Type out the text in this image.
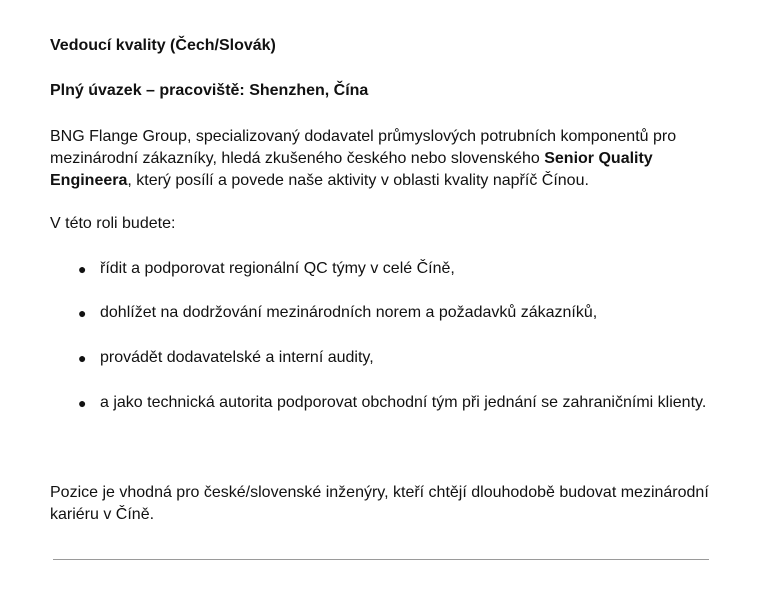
Vedoucí kvality (Čech/Slovák)
Plný úvazek – pracoviště: Shenzhen, Čína

BNG Flange Group, specializovaný dodavatel průmyslových potrubních komponentů pro mezinárodní zákazníky, hledá zkušeného českého nebo slovenského Senior Quality Engineera, který posílí a povede naše aktivity v oblasti kvality napříč Čínou.

V této roli budete:

● řídit a podporovat regionální QC týmy v celé Číně,
● dohlížet na dodržování mezinárodních norem a požadavků zákazníků,
● provádět dodavatelské a interní audity,
● a jako technická autorita podporovat obchodní tým při jednání se zahraničními klienty.

Pozice je vhodná pro české/slovenské inženýry, kteří chtějí dlouhodobě budovat mezinárodní kariéru v Číně.
